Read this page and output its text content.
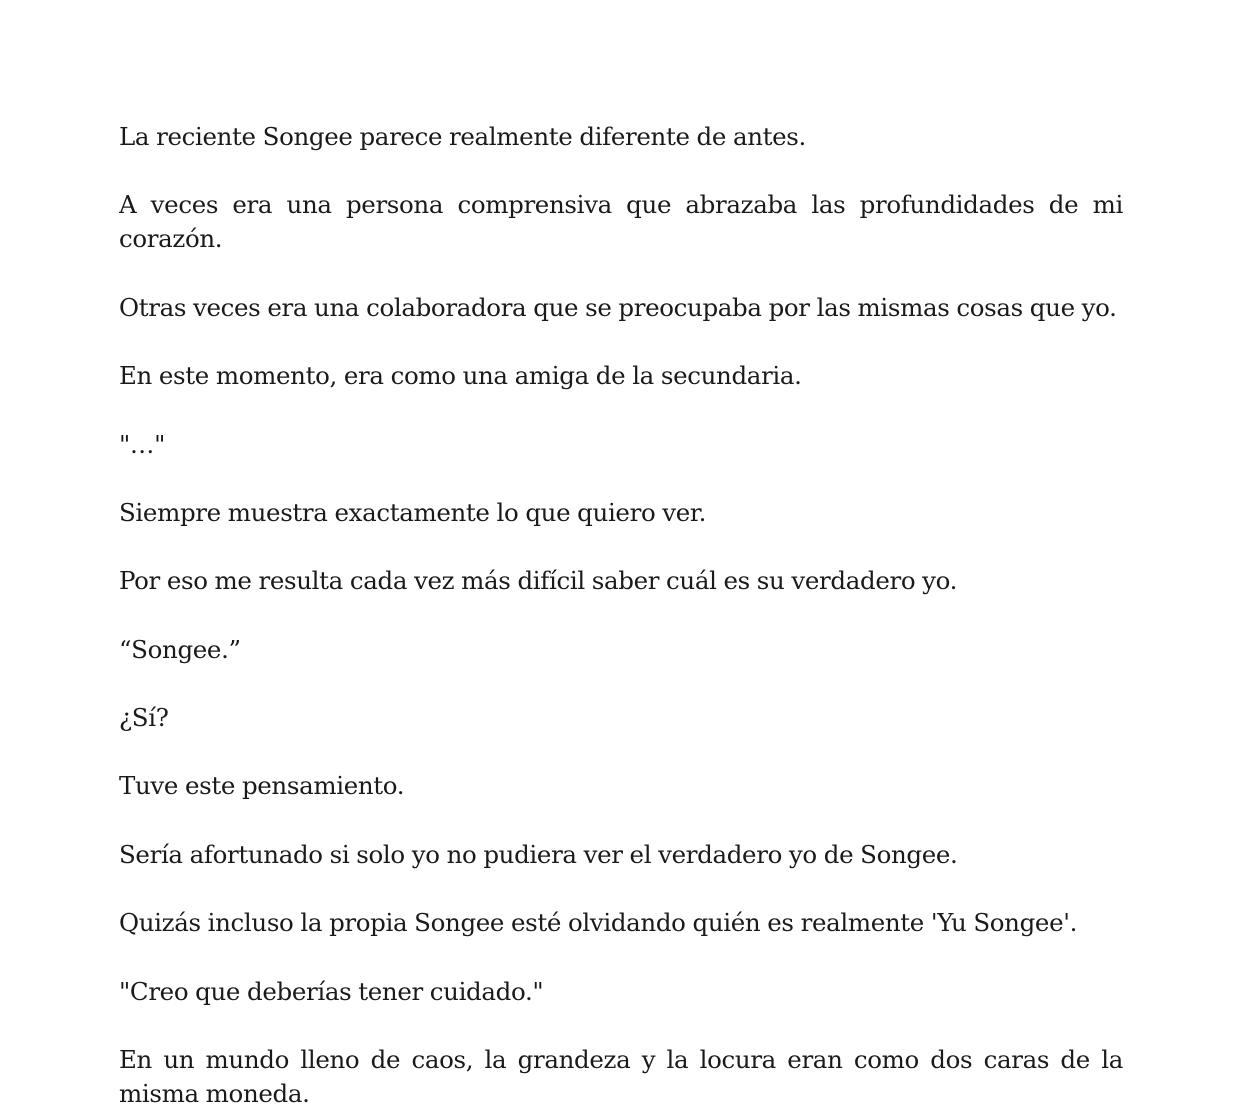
La reciente Songee parece realmente diferente de antes.

A veces era una persona comprensiva que abrazaba las profundidades de mi corazón.

Otras veces era una colaboradora que se preocupaba por las mismas cosas que yo.

En este momento, era como una amiga de la secundaria.

"…"

Siempre muestra exactamente lo que quiero ver.

Por eso me resulta cada vez más difícil saber cuál es su verdadero yo.

“Songee.”

¿Sí?

Tuve este pensamiento.

Sería afortunado si solo yo no pudiera ver el verdadero yo de Songee.

Quizás incluso la propia Songee esté olvidando quién es realmente 'Yu Songee'.

"Creo que deberías tener cuidado."

En un mundo lleno de caos, la grandeza y la locura eran como dos caras de la misma moneda.
